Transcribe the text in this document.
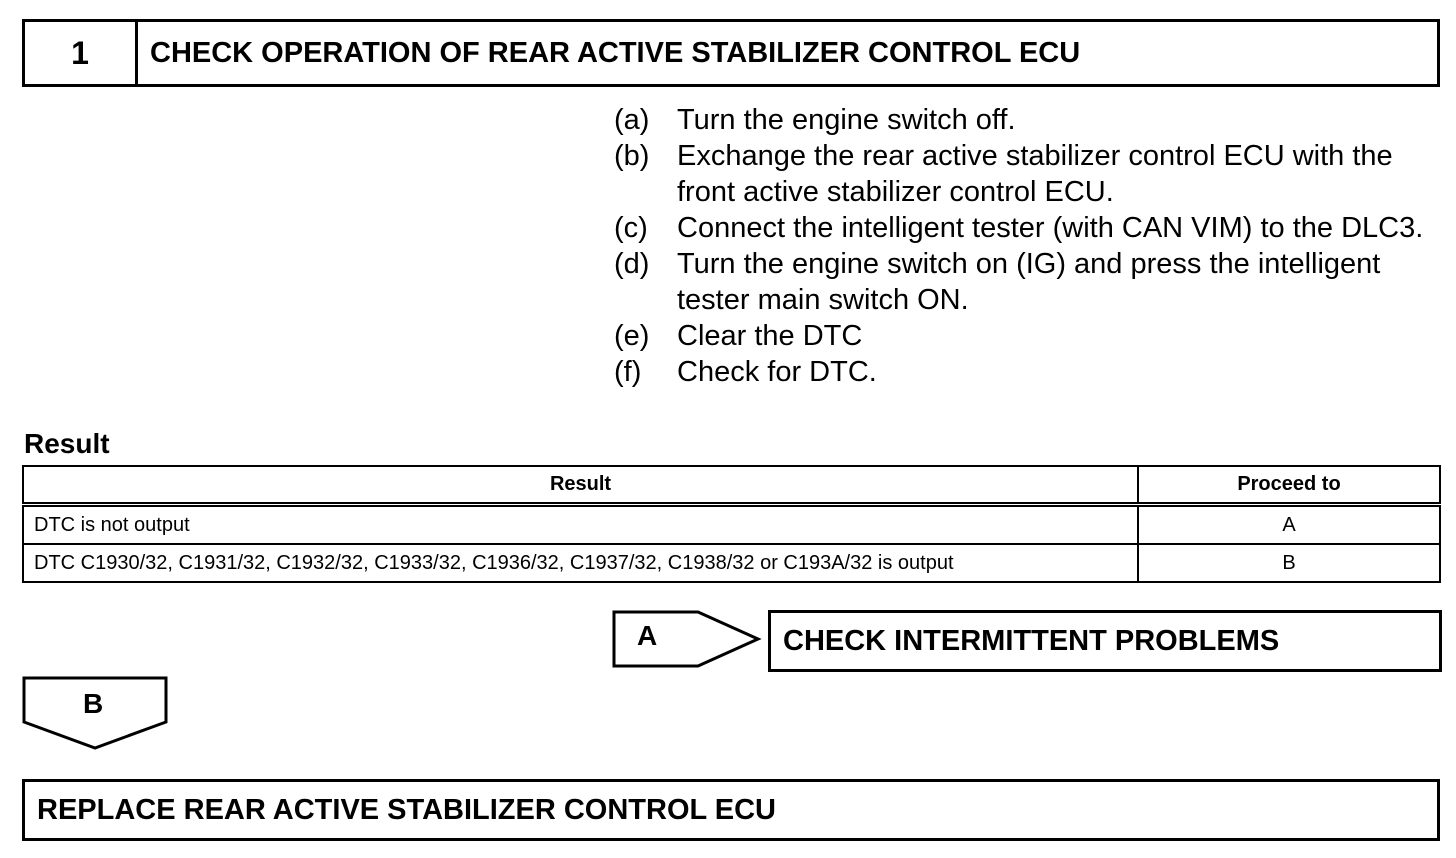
1	CHECK OPERATION OF REAR ACTIVE STABILIZER CONTROL ECU
(a) Turn the engine switch off.
(b) Exchange the rear active stabilizer control ECU with the front active stabilizer control ECU.
(c)	Connect the intelligent tester (with CAN VIM) to the DLC3.
(d) Turn the engine switch on (IG) and press the intelligent tester main switch ON.
(e) Clear the DTC
(f)	Check for DTC.
Result
Result	Proceed to
DTC is not output	A
DTC C1930/32, C1931/32, C1932/32, C1933/32, C1936/32, C1937/32, C1938/32 or C193A/32 is output	B
A	CHECK INTERMITTENT PROBLEMS
B
REPLACE REAR ACTIVE STABILIZER CONTROL ECU
